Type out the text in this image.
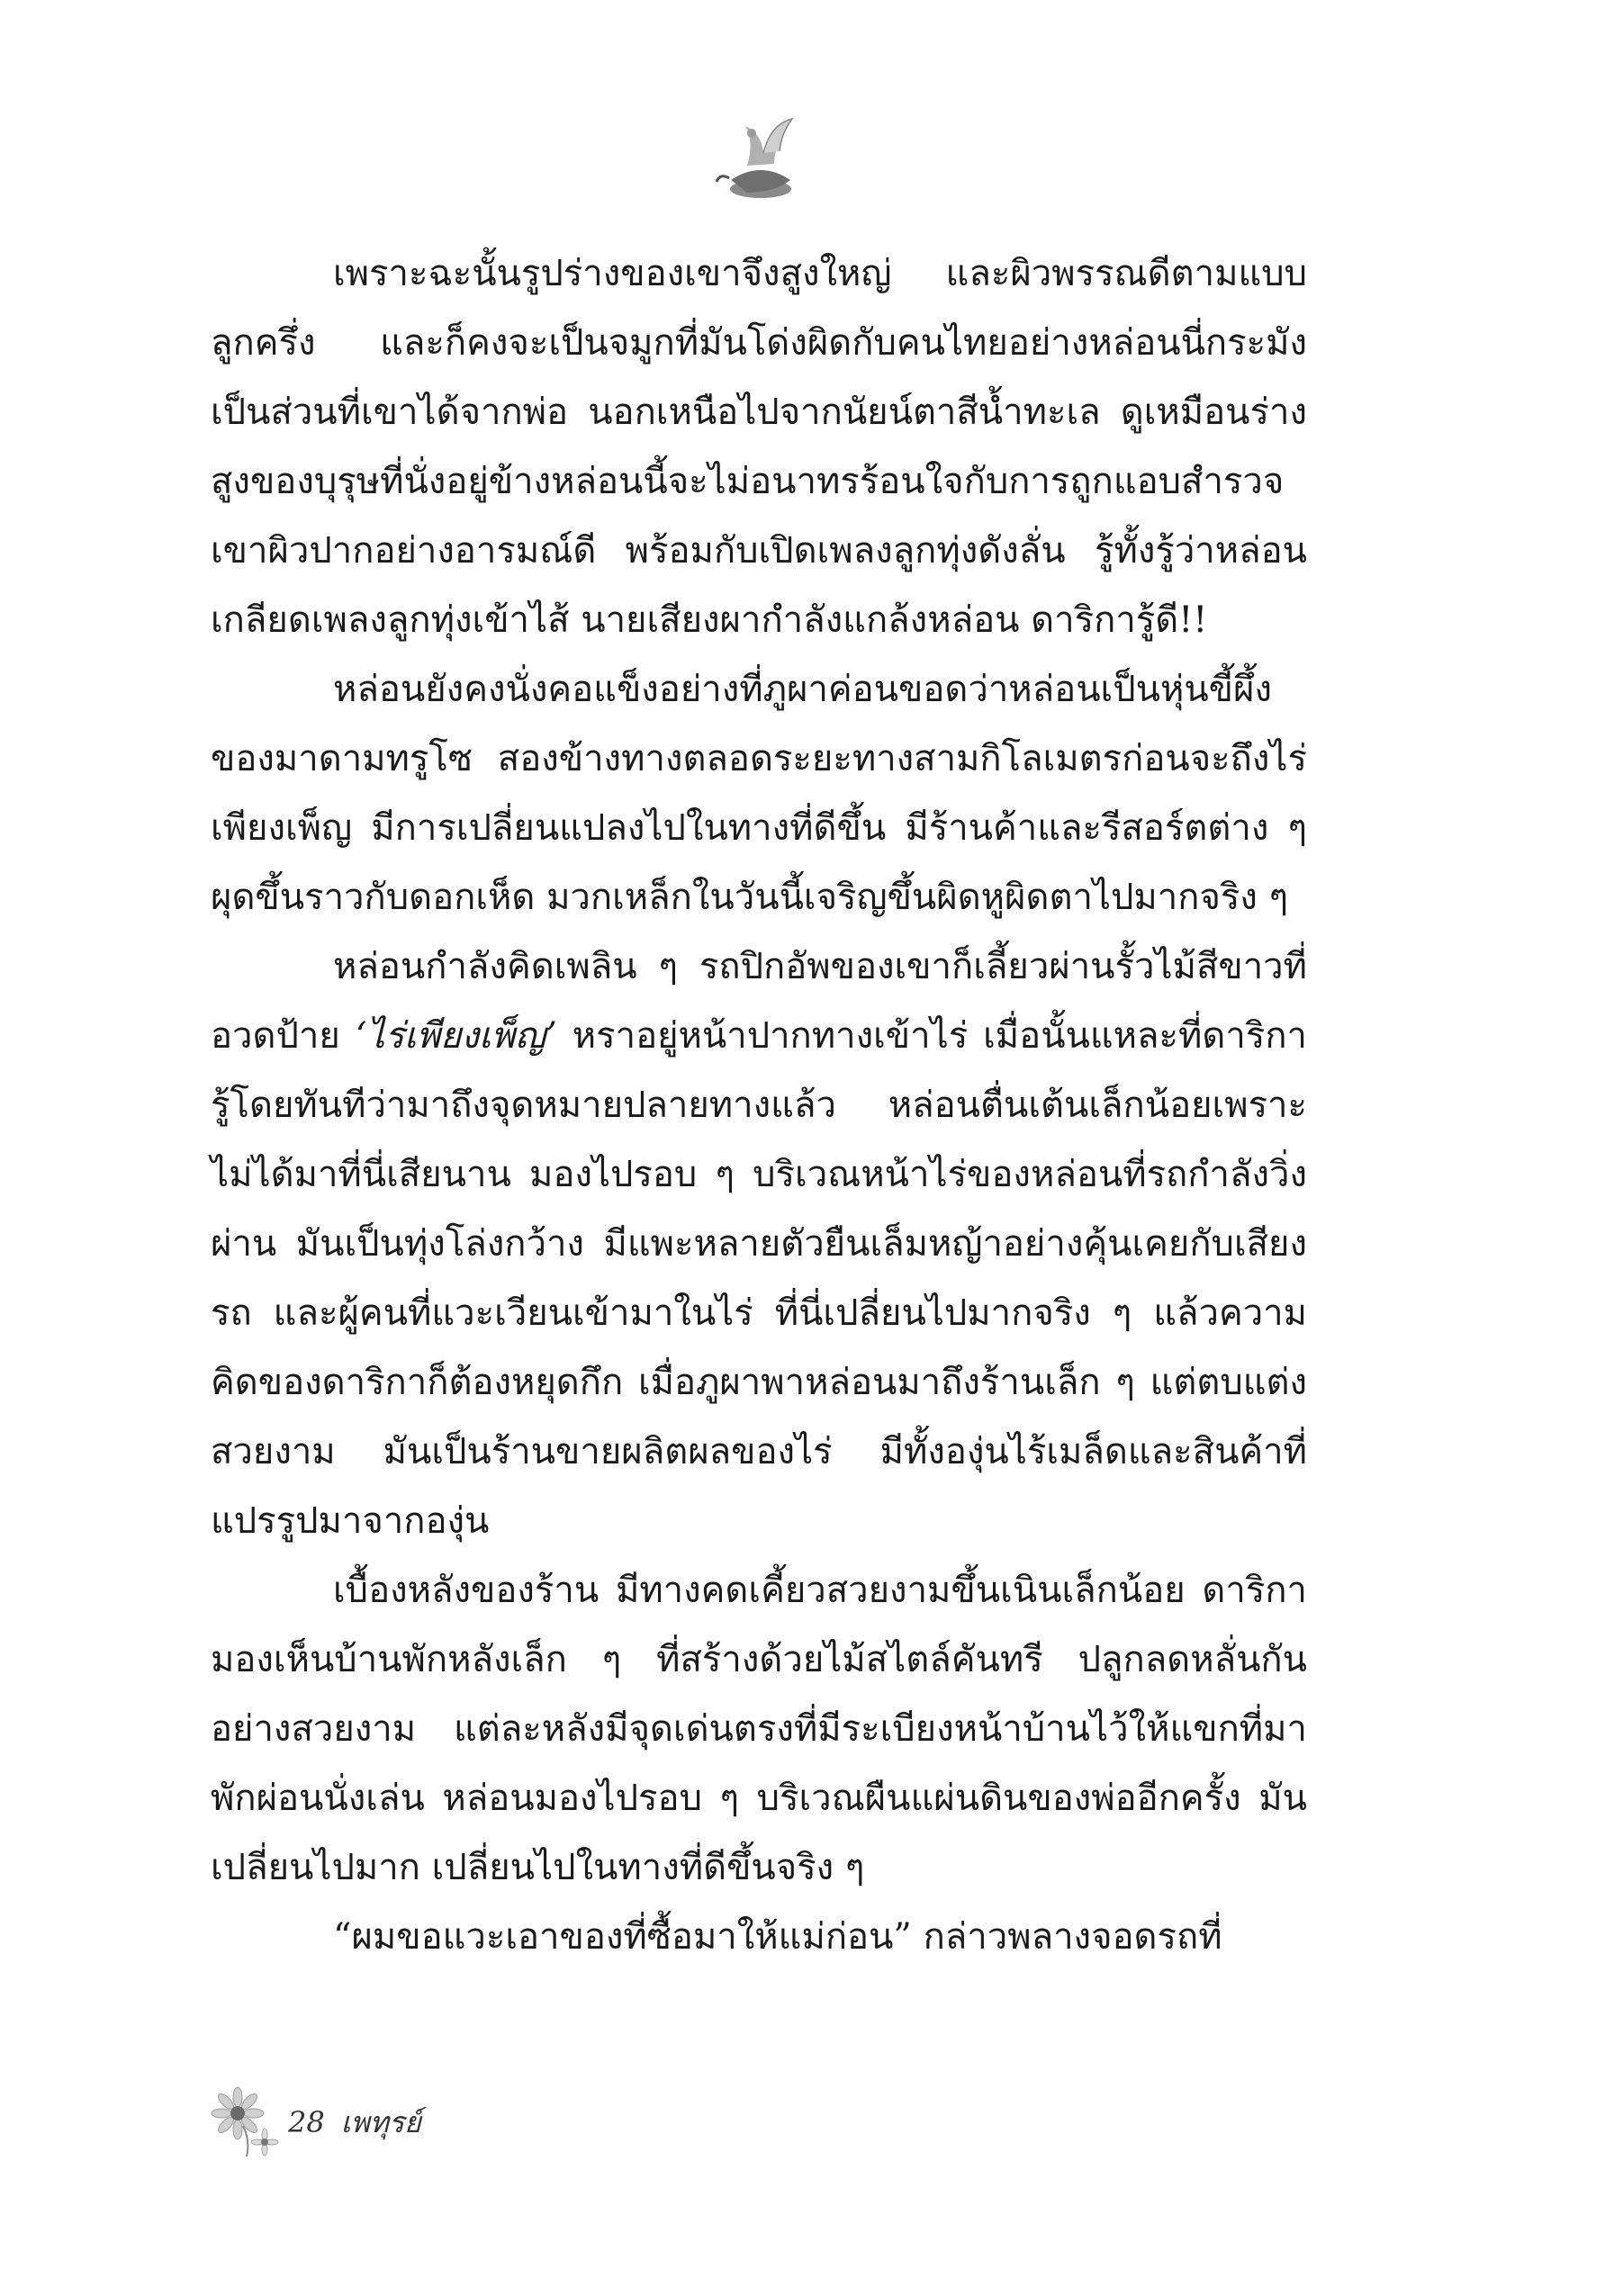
เพราะฉะนั้นรูปร่างของเขาจึงสูงใหญ่ และผิวพรรณดีตามแบบลูกครึ่ง และก็คงจะเป็นจมูกที่มันโด่งผิดกับคนไทยอย่างหล่อนนี่กระมังเป็นส่วนที่เขาได้จากพ่อ นอกเหนือไปจากนัยน์ตาสีน้ำทะเล ดูเหมือนร่างสูงของบุรุษที่นั่งอยู่ข้างหล่อนนี้จะไม่อนาทรร้อนใจกับการถูกแอบสำรวจ เขาผิวปากอย่างอารมณ์ดี พร้อมกับเปิดเพลงลูกทุ่งดังลั่น รู้ทั้งรู้ว่าหล่อนเกลียดเพลงลูกทุ่งเข้าไส้ นายเสียงผากำลังแกล้งหล่อน ดาริการู้ดี!!

หล่อนยังคงนั่งคอแข็งอย่างที่ภูผาค่อนขอดว่าหล่อนเป็นหุ่นขี้ผึ้งของมาดามทรูโซ สองข้างทางตลอดระยะทางสามกิโลเมตรก่อนจะถึงไร่เพียงเพ็ญ มีการเปลี่ยนแปลงไปในทางที่ดีขึ้น มีร้านค้าและรีสอร์ตต่าง ๆ ผุดขึ้นราวกับดอกเห็ด มวกเหล็กในวันนี้เจริญขึ้นผิดหูผิดตาไปมากจริง ๆ

หล่อนกำลังคิดเพลิน ๆ รถปิกอัพของเขาก็เลี้ยวผ่านรั้วไม้สีขาวที่อวดป้าย ‘ไร่เพียงเพ็ญ’ หราอยู่หน้าปากทางเข้าไร่ เมื่อนั้นแหละที่ดาริการู้โดยทันทีว่ามาถึงจุดหมายปลายทางแล้ว หล่อนตื่นเต้นเล็กน้อยเพราะไม่ได้มาที่นี่เสียนาน มองไปรอบ ๆ บริเวณหน้าไร่ของหล่อนที่รถกำลังวิ่งผ่าน มันเป็นทุ่งโล่งกว้าง มีแพะหลายตัวยืนเล็มหญ้าอย่างคุ้นเคยกับเสียงรถ และผู้คนที่แวะเวียนเข้ามาในไร่ ที่นี่เปลี่ยนไปมากจริง ๆ แล้วความคิดของดาริกาก็ต้องหยุดกึก เมื่อภูผาพาหล่อนมาถึงร้านเล็ก ๆ แต่ตบแต่งสวยงาม มันเป็นร้านขายผลิตผลของไร่ มีทั้งองุ่นไร้เมล็ดและสินค้าที่แปรรูปมาจากองุ่น

เบื้องหลังของร้าน มีทางคดเคี้ยวสวยงามขึ้นเนินเล็กน้อย ดาริกามองเห็นบ้านพักหลังเล็ก ๆ ที่สร้างด้วยไม้สไตล์คันทรี ปลูกลดหลั่นกันอย่างสวยงาม แต่ละหลังมีจุดเด่นตรงที่มีระเบียงหน้าบ้านไว้ให้แขกที่มาพักผ่อนนั่งเล่น หล่อนมองไปรอบ ๆ บริเวณผืนแผ่นดินของพ่ออีกครั้ง มันเปลี่ยนไปมาก เปลี่ยนไปในทางที่ดีขึ้นจริง ๆ

“ผมขอแวะเอาของที่ซื้อมาให้แม่ก่อน” กล่าวพลางจอดรถที่

28 เพทุรย์
